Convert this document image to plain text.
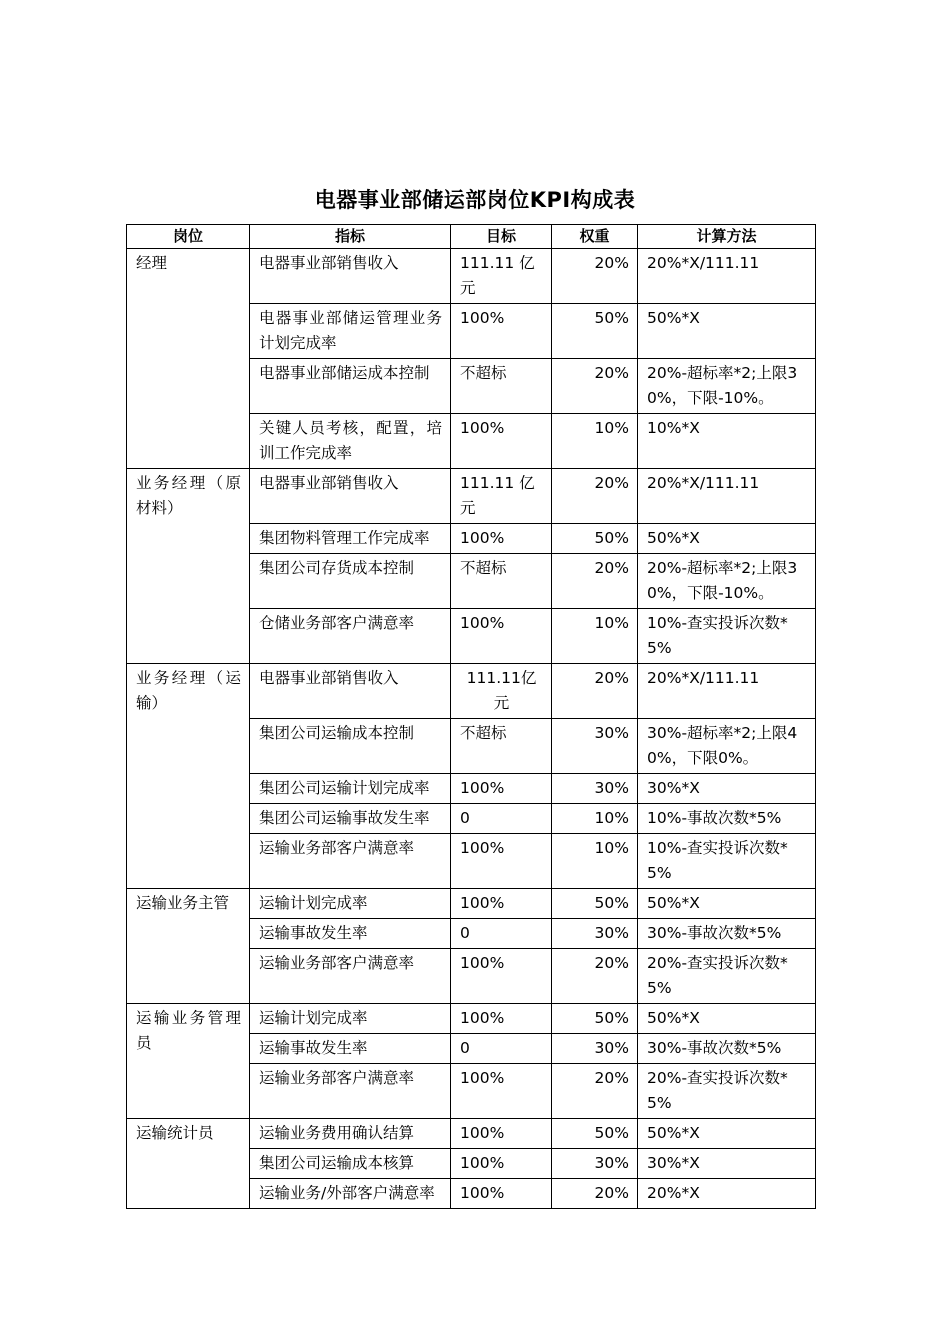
电器事业部储运部岗位KPI构成表
岗位	指标	目标	权重	计算方法
经理	电器事业部销售收入	111.11 亿元	20%	20%*X/111.11
	电器事业部储运管理业务计划完成率	100%	50%	50%*X
	电器事业部储运成本控制	不超标	20%	20%-超标率*2;上限30%，下限-10%。
	关键人员考核，配置，培训工作完成率	100%	10%	10%*X
业务经理（原材料）	电器事业部销售收入	111.11 亿元	20%	20%*X/111.11
	集团物料管理工作完成率	100%	50%	50%*X
	集团公司存货成本控制	不超标	20%	20%-超标率*2;上限30%，下限-10%。
	仓储业务部客户满意率	100%	10%	10%-查实投诉次数*5%
业务经理（运输）	电器事业部销售收入	111.11亿元	20%	20%*X/111.11
	集团公司运输成本控制	不超标	30%	30%-超标率*2;上限40%，下限0%。
	集团公司运输计划完成率	100%	30%	30%*X
	集团公司运输事故发生率	0	10%	10%-事故次数*5%
	运输业务部客户满意率	100%	10%	10%-查实投诉次数*5%
运输业务主管	运输计划完成率	100%	50%	50%*X
	运输事故发生率	0	30%	30%-事故次数*5%
	运输业务部客户满意率	100%	20%	20%-查实投诉次数*5%
运输业务管理员	运输计划完成率	100%	50%	50%*X
	运输事故发生率	0	30%	30%-事故次数*5%
	运输业务部客户满意率	100%	20%	20%-查实投诉次数*5%
运输统计员	运输业务费用确认结算	100%	50%	50%*X
	集团公司运输成本核算	100%	30%	30%*X
	运输业务/外部客户满意率	100%	20%	20%*X
